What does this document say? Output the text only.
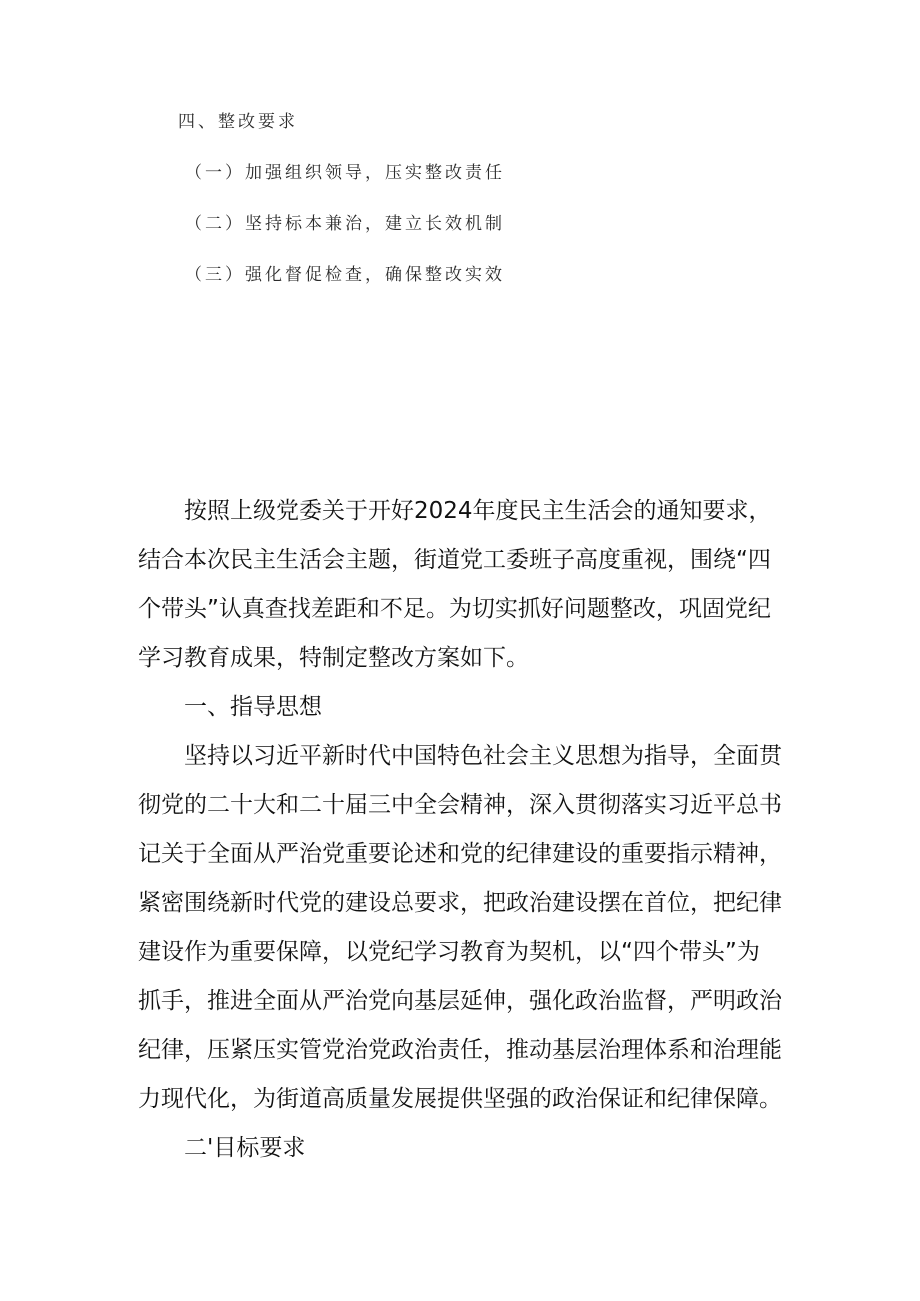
四、整改要求
（一）加强组织领导，压实整改责任
（二）坚持标本兼治，建立长效机制
（三）强化督促检查，确保整改实效
按照上级党委关于开好2024年度民主生活会的通知要求，
结合本次民主生活会主题，街道党工委班子高度重视，围绕“四
个带头”认真查找差距和不足。为切实抓好问题整改，巩固党纪
学习教育成果，特制定整改方案如下。

一、指导思想

坚持以习近平新时代中国特色社会主义思想为指导，全面贯
彻党的二十大和二十届三中全会精神，深入贯彻落实习近平总书
记关于全面从严治党重要论述和党的纪律建设的重要指示精神，
紧密围绕新时代党的建设总要求，把政治建设摆在首位，把纪律
建设作为重要保障，以党纪学习教育为契机，以“四个带头”为
抓手，推进全面从严治党向基层延伸，强化政治监督，严明政治
纪律，压紧压实管党治党政治责任，推动基层治理体系和治理能
力现代化，为街道高质量发展提供坚强的政治保证和纪律保障。

二'目标要求
